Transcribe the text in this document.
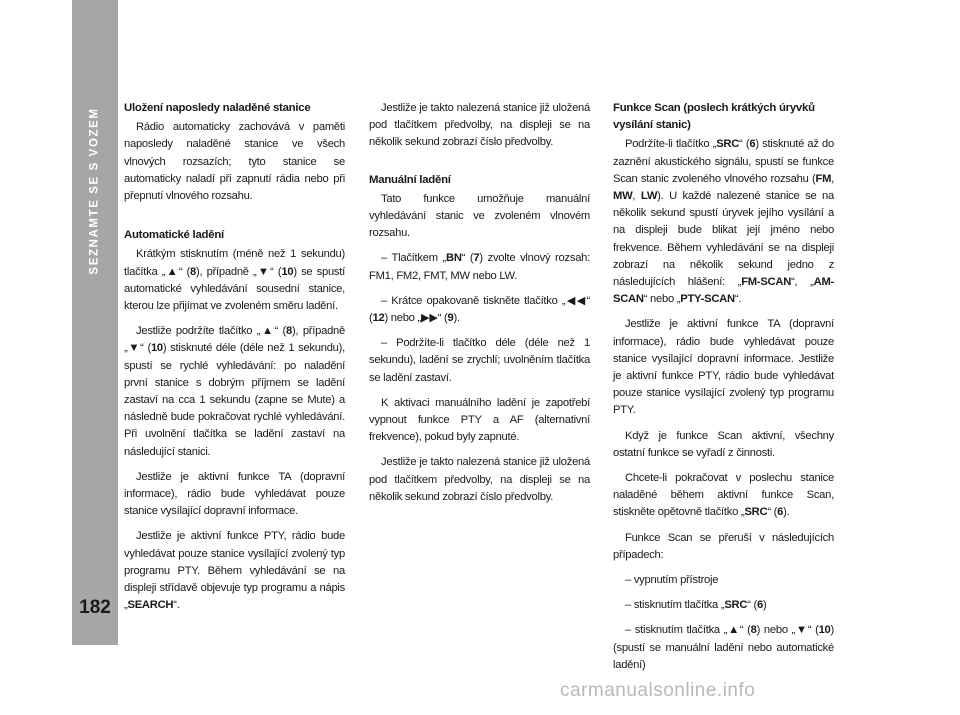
SEZNAMTE SE S VOZEM
182
Uložení naposledy naladěné stanice

Rádio automaticky zachovává v paměti naposledy naladěné stanice ve všech vlnových rozsazích; tyto stanice se automaticky naladí při zapnutí rádia nebo při přepnutí vlnového rozsahu.

Automatické ladění

Krátkým stisknutím (méně než 1 sekundu) tlačítka „▲“ (8), případně „▼“ (10) se spustí automatické vyhledávání sousední stanice, kterou lze přijímat ve zvoleném směru ladění.

Jestliže podržíte tlačítko „▲“ (8), případně „▼“ (10) stisknuté déle (déle než 1 sekundu), spustí se rychlé vyhledávání: po naladění první stanice s dobrým příjmem se ladění zastaví na cca 1 sekundu (zapne se Mute) a následně bude pokračovat rychlé vyhledávání. Při uvolnění tlačítka se ladění zastaví na následující stanici.

Jestliže je aktivní funkce TA (dopravní informace), rádio bude vyhledávat pouze stanice vysílající dopravní informace.

Jestliže je aktivní funkce PTY, rádio bude vyhledávat pouze stanice vysílající zvolený typ programu PTY. Během vyhledávání se na displeji střídavě objevuje typ programu a nápis „SEARCH“.

Jestliže je takto nalezená stanice již uložená pod tlačítkem předvolby, na displeji se na několik sekund zobrazí číslo předvolby.

Manuální ladění

Tato funkce umožňuje manuální vyhledávání stanic ve zvoleném vlnovém rozsahu.

– Tlačítkem „BN“ (7) zvolte vlnový rozsah: FM1, FM2, FMT, MW nebo LW.

– Krátce opakovaně tiskněte tlačítko „◀◀“ (12) nebo „▶▶“ (9).

– Podržíte-li tlačítko déle (déle než 1 sekundu), ladění se zrychlí; uvolněním tlačítka se ladění zastaví.

K aktivaci manuálního ladění je zapotřebí vypnout funkce PTY a AF (alternativní frekvence), pokud byly zapnuté.

Jestliže je takto nalezená stanice již uložená pod tlačítkem předvolby, na displeji se na několik sekund zobrazí číslo předvolby.

Funkce Scan (poslech krátkých úryvků vysílání stanic)

Podržíte-li tlačítko „SRC“ (6) stisknuté až do zaznění akustického signálu, spustí se funkce Scan stanic zvoleného vlnového rozsahu (FM, MW, LW). U každé nalezené stanice se na několik sekund spustí úryvek jejího vysílání a na displeji bude blikat její jméno nebo frekvence. Během vyhledávání se na displeji zobrazí na několik sekund jedno z následujících hlášení: „FM-SCAN“, „AM-SCAN“ nebo „PTY-SCAN“.

Jestliže je aktivní funkce TA (dopravní informace), rádio bude vyhledávat pouze stanice vysílající dopravní informace. Jestliže je aktivní funkce PTY, rádio bude vyhledávat pouze stanice vysílající zvolený typ programu PTY.

Když je funkce Scan aktivní, všechny ostatní funkce se vyřadí z činnosti.

Chcete-li pokračovat v poslechu stanice naladěné během aktivní funkce Scan, stiskněte opětovně tlačítko „SRC“ (6).

Funkce Scan se přeruší v následujících případech:

– vypnutím přístroje

– stisknutím tlačítka „SRC“ (6)

– stisknutím tlačítka „▲“ (8) nebo „▼“ (10) (spustí se manuální ladění nebo automatické ladění)

carmanualsonline.info
